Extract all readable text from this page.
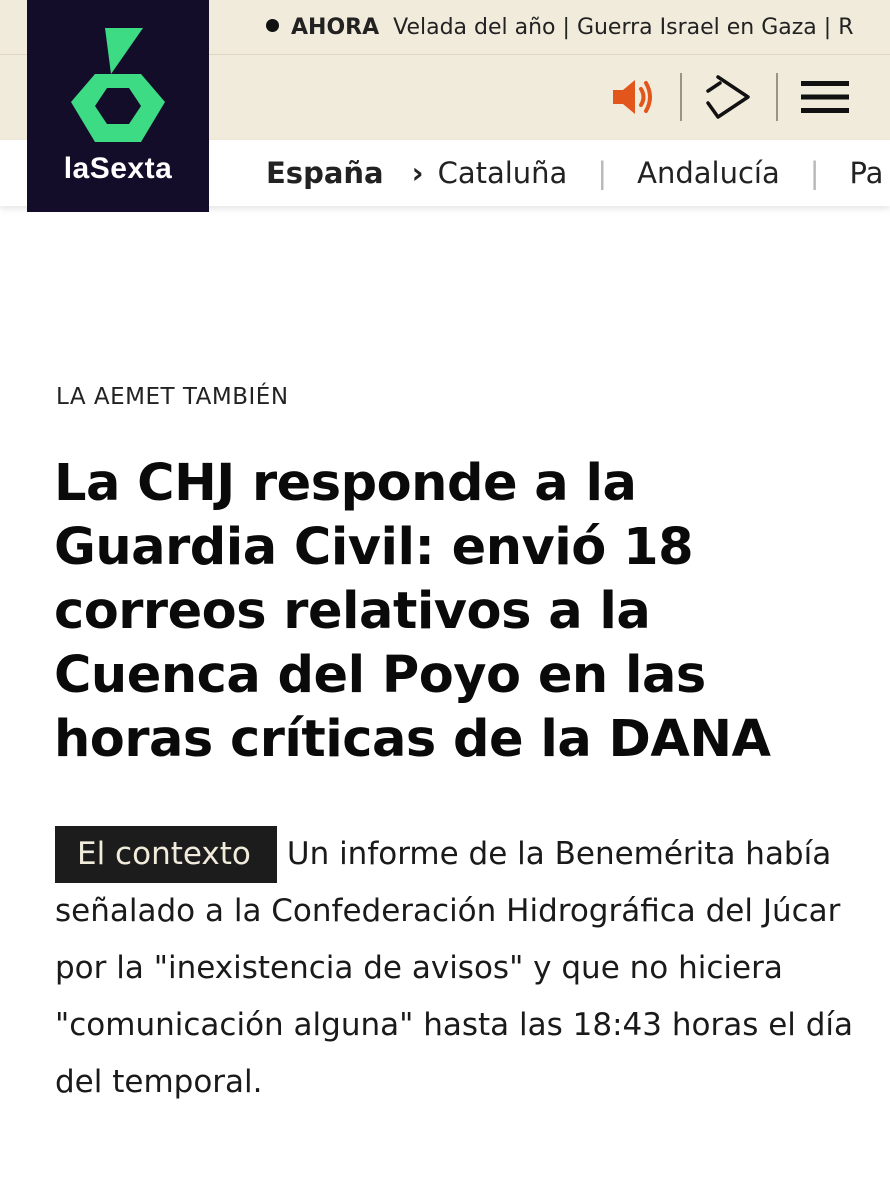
AHORA Velada del año | Guerra Israel en Gaza | R
laSexta	España › Cataluña | Andalucía | Pa
LA AEMET TAMBIÉN
La CHJ responde a la Guardia Civil: envió 18 correos relativos a la Cuenca del Poyo en las horas críticas de la DANA

El contexto Un informe de la Benemérita había señalado a la Confederación Hidrográfica del Júcar por la "inexistencia de avisos" y que no hiciera "comunicación alguna" hasta las 18:43 horas el día del temporal.
